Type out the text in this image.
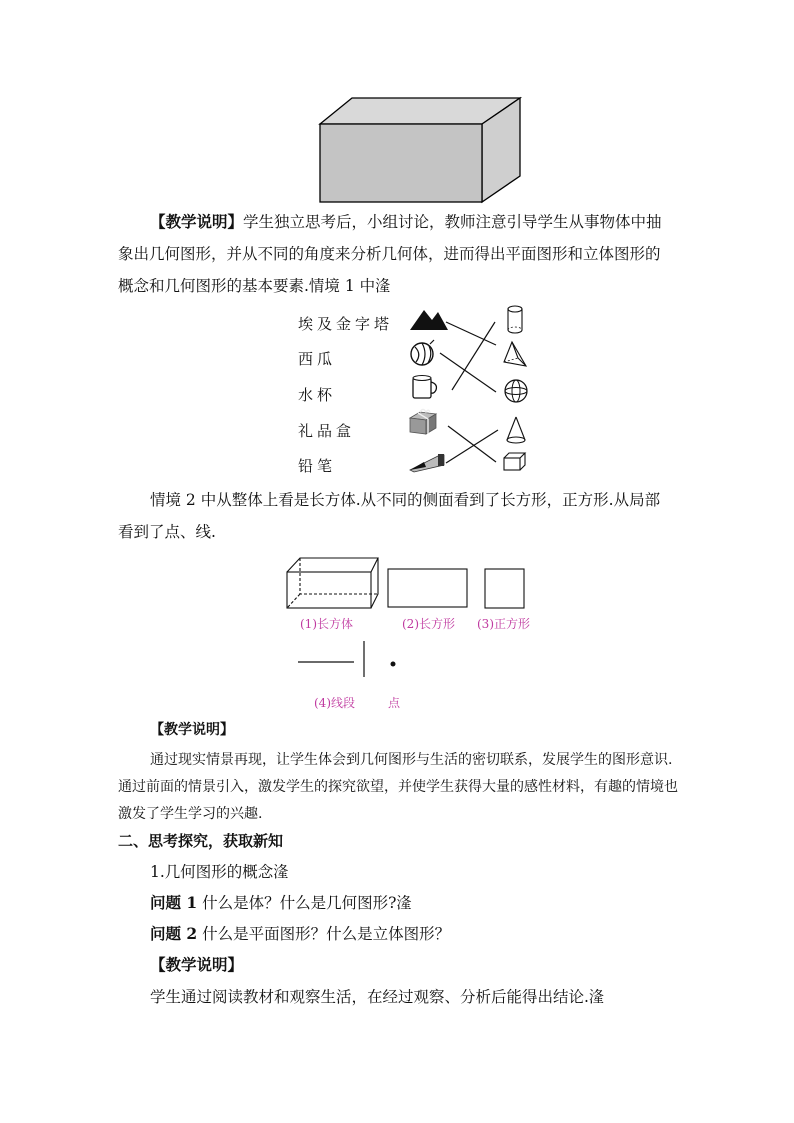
【教学说明】学生独立思考后，小组讨论，教师注意引导学生从事物体中抽
象出几何图形，并从不同的角度来分析几何体，进而得出平面图形和立体图形的
概念和几何图形的基本要素.情境 1 中湰
埃及金字塔
西瓜
水杯
礼品盒
铅笔
情境 2 中从整体上看是长方体.从不同的侧面看到了长方形，正方形.从局部
看到了点、线.
(1)长方体	(2)长方形 (3)正方形
(4)线段	点
【教学说明】
通过现实情景再现，让学生体会到几何图形与生活的密切联系，发展学生的图形意识.
通过前面的情景引入，激发学生的探究欲望，并使学生获得大量的感性材料，有趣的情境也
激发了学生学习的兴趣.
二、思考探究，获取新知
1.几何图形的概念湰
问题 1 什么是体？什么是几何图形?湰
问题 2 什么是平面图形？什么是立体图形？
【教学说明】
学生通过阅读教材和观察生活，在经过观察、分析后能得出结论.湰
